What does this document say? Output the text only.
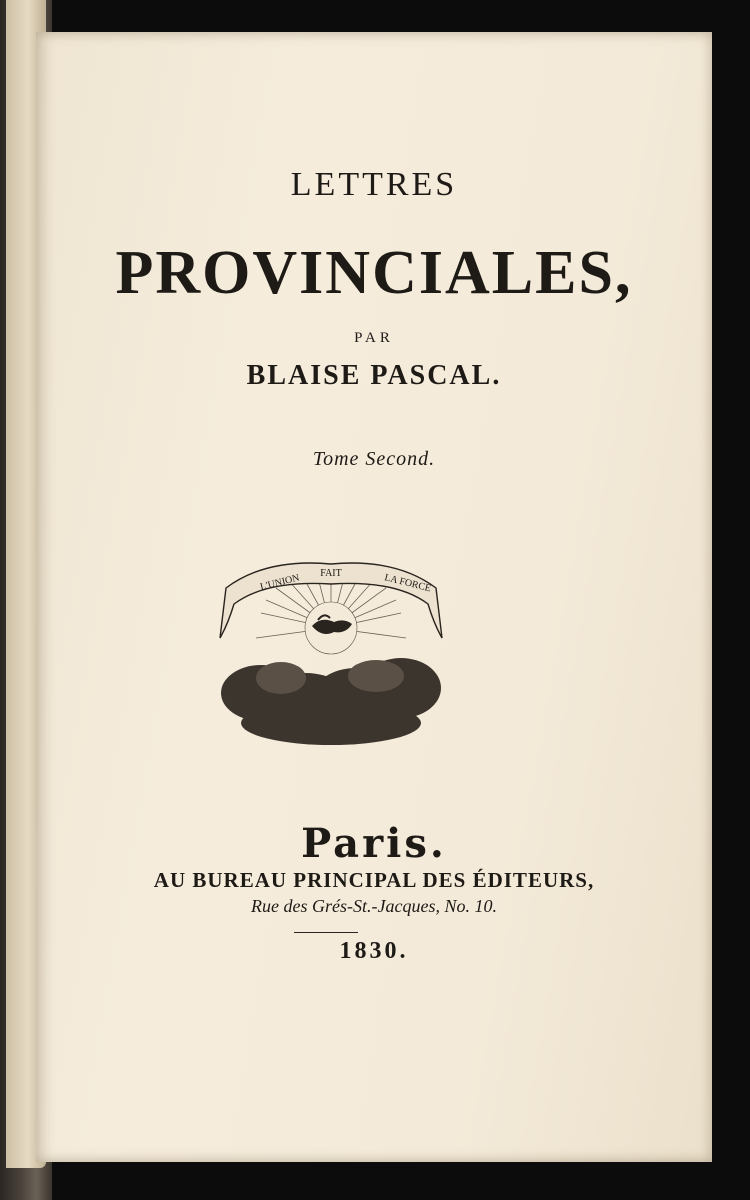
LETTRES
PROVINCIALES,
PAR
BLAISE PASCAL.
Tome Second.
L'UNION FAIT	LA FORCE
Paris.
AU BUREAU PRINCIPAL DES ÉDITEURS,
Rue des Grés-St.-Jacques, No. 10.
1830.
